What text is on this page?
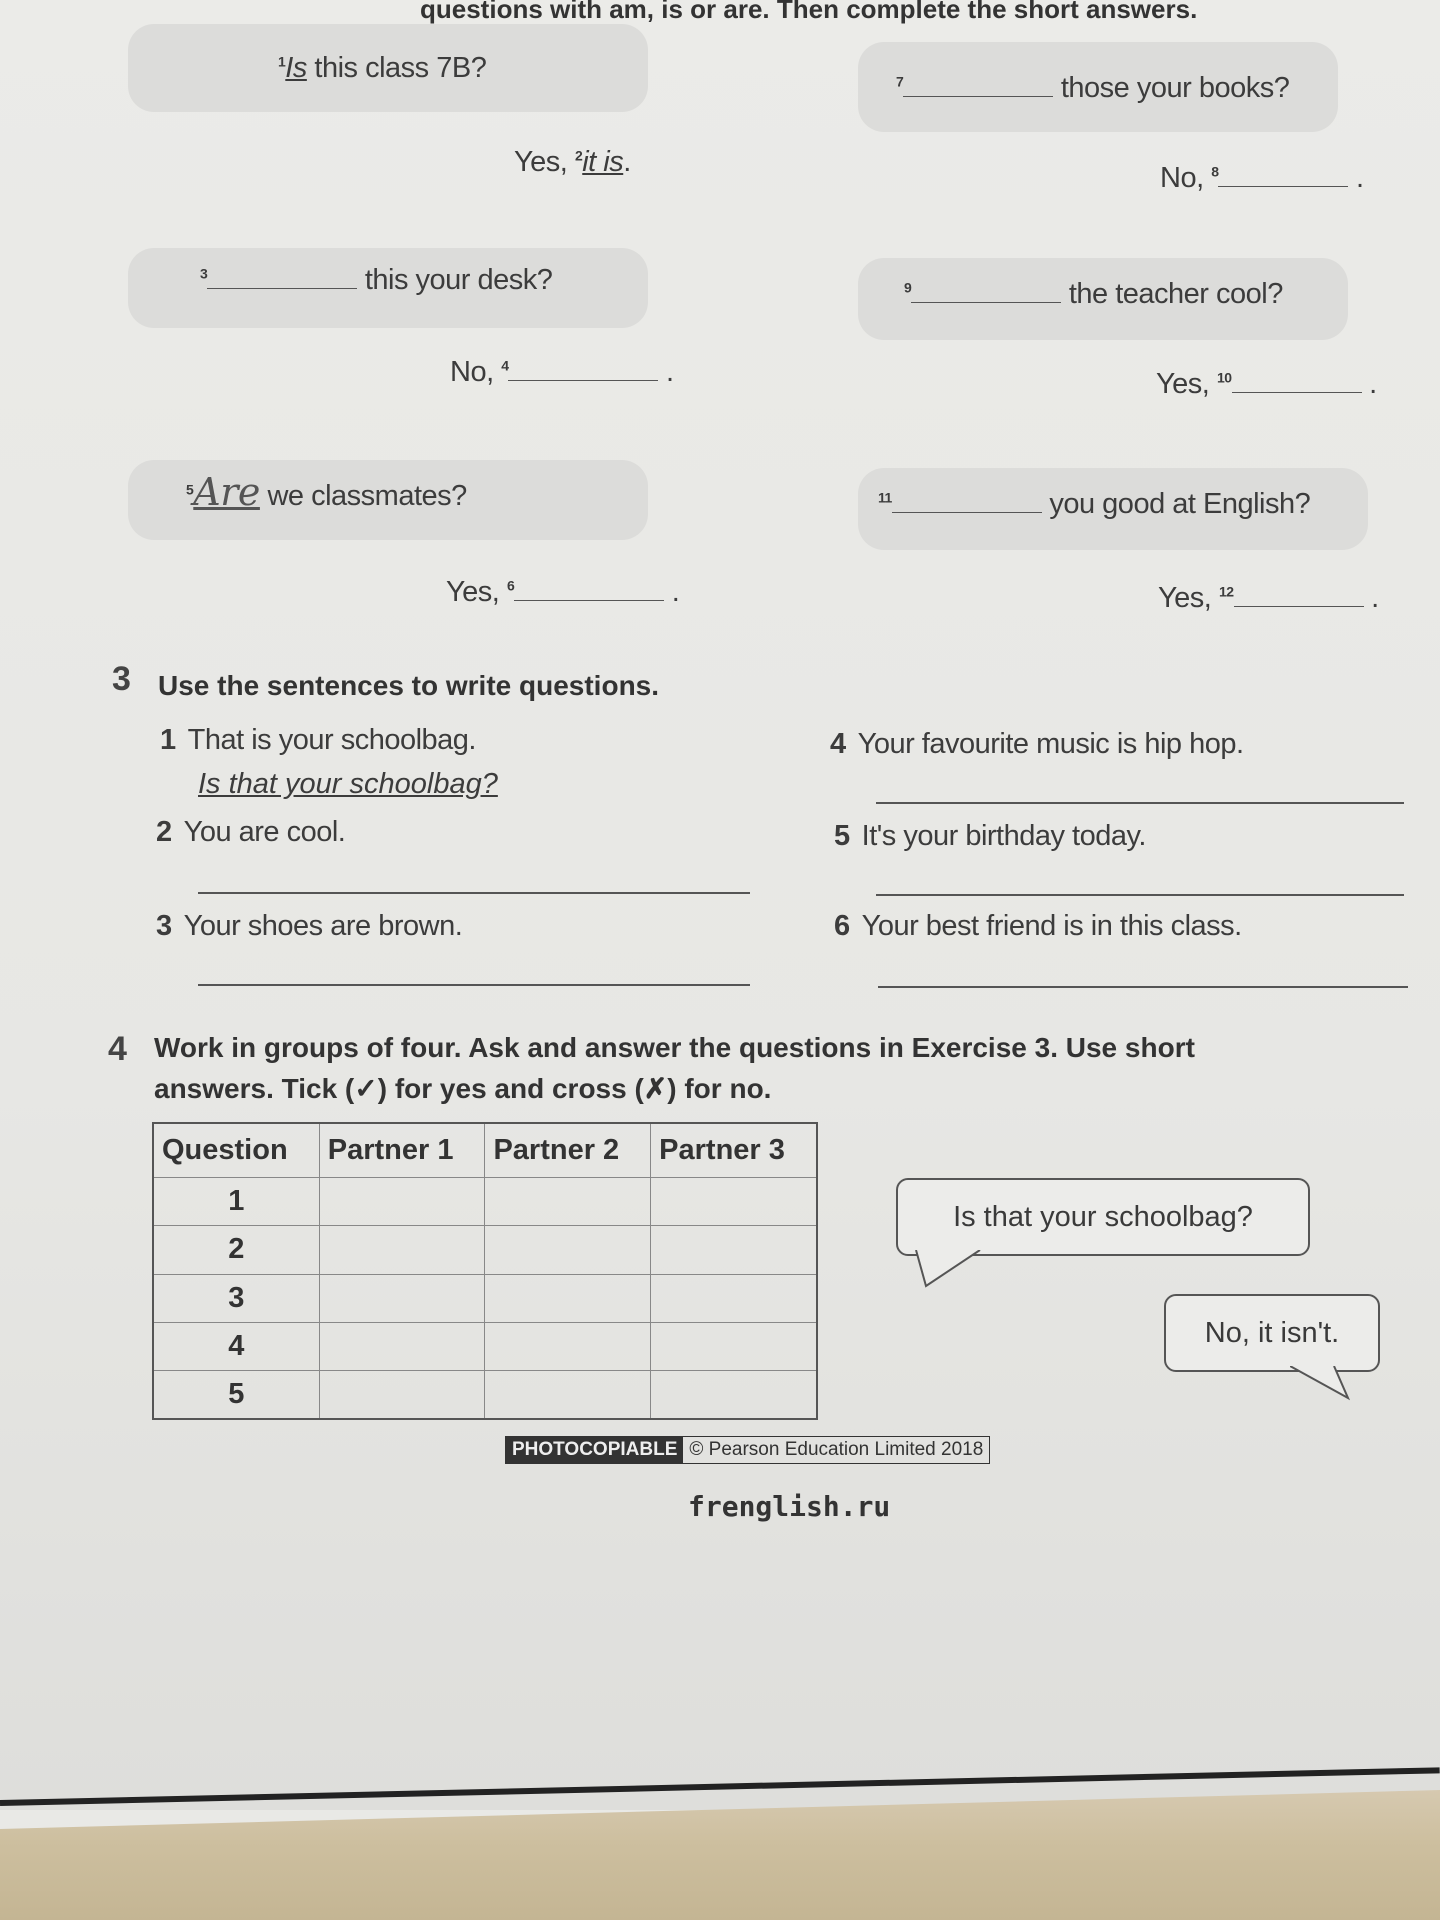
questions with am, is or are. Then complete the short answers.
$^1$Is this class 7B?
Yes, $^2$it is.
$^3$	this your desk?
No, $^4$	.
$^5$Are we classmates?
Yes, $^6$	.
$^7$	those your books?
No, $^8$	.
$^9$	the teacher cool?
Yes, $^{10}$	.
$^{11}$	you good at English?
Yes, $^{12}$	.
3 Use the sentences to write questions.
1 That is your schoolbag.
Is that your schoolbag?
2 You are cool.
3 Your shoes are brown.
4 Your favourite music is hip hop.
5 It's your birthday today.
6 Your best friend is in this class.
4 Work in groups of four. Ask and answer the questions in Exercise 3. Use short
answers. Tick (✓) for yes and cross (✗) for no.
Question	Partner 1	Partner 2	Partner 3
1			
2			
3			
4			
5			
Is that your schoolbag?
No, it isn't.
PHOTOCOPIABLE © Pearson Education Limited 2018
frenglish.ru
